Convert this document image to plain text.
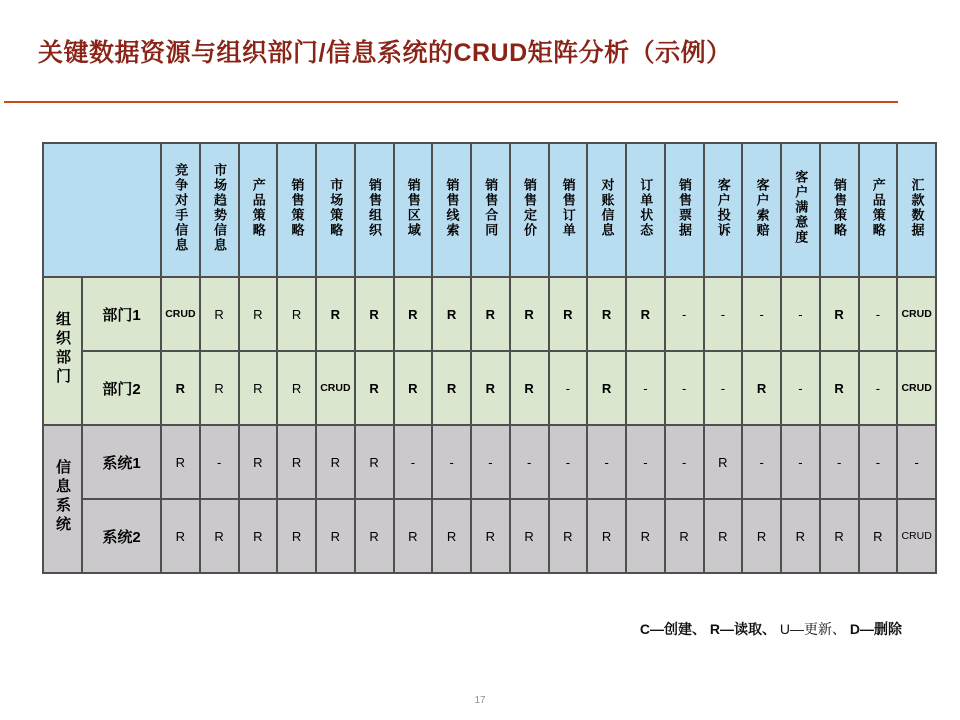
关键数据资源与组织部门/信息系统的CRUD矩阵分析（示例）
		竞争对手信息	市场趋势信息	产品策略	销售策略	市场策略	销售组织	销售区域	销售线索	销售合同	销售定价	销售订单	对账信息	订单状态	销售票据	客户投诉	客户索赔	客户满意度	销售策略	产品策略	汇款数据
组织部门	部门1	CRUD	R	R	R	R	R	R	R	R	R	R	R	R	-	-	-	-	R	-	CRUD
	部门2	R	R	R	R	CRUD	R	R	R	R	R	-	R	-	-	-	R	-	R	-	CRUD
信息系统	系统1	R	-	R	R	R	R	-	-	-	-	-	-	-	-	R	-	-	-	-	-
	系统2	R	R	R	R	R	R	R	R	R	R	R	R	R	R	R	R	R	R	R	CRUD
C—创建、 R—读取、 U—更新、 D—删除
17
